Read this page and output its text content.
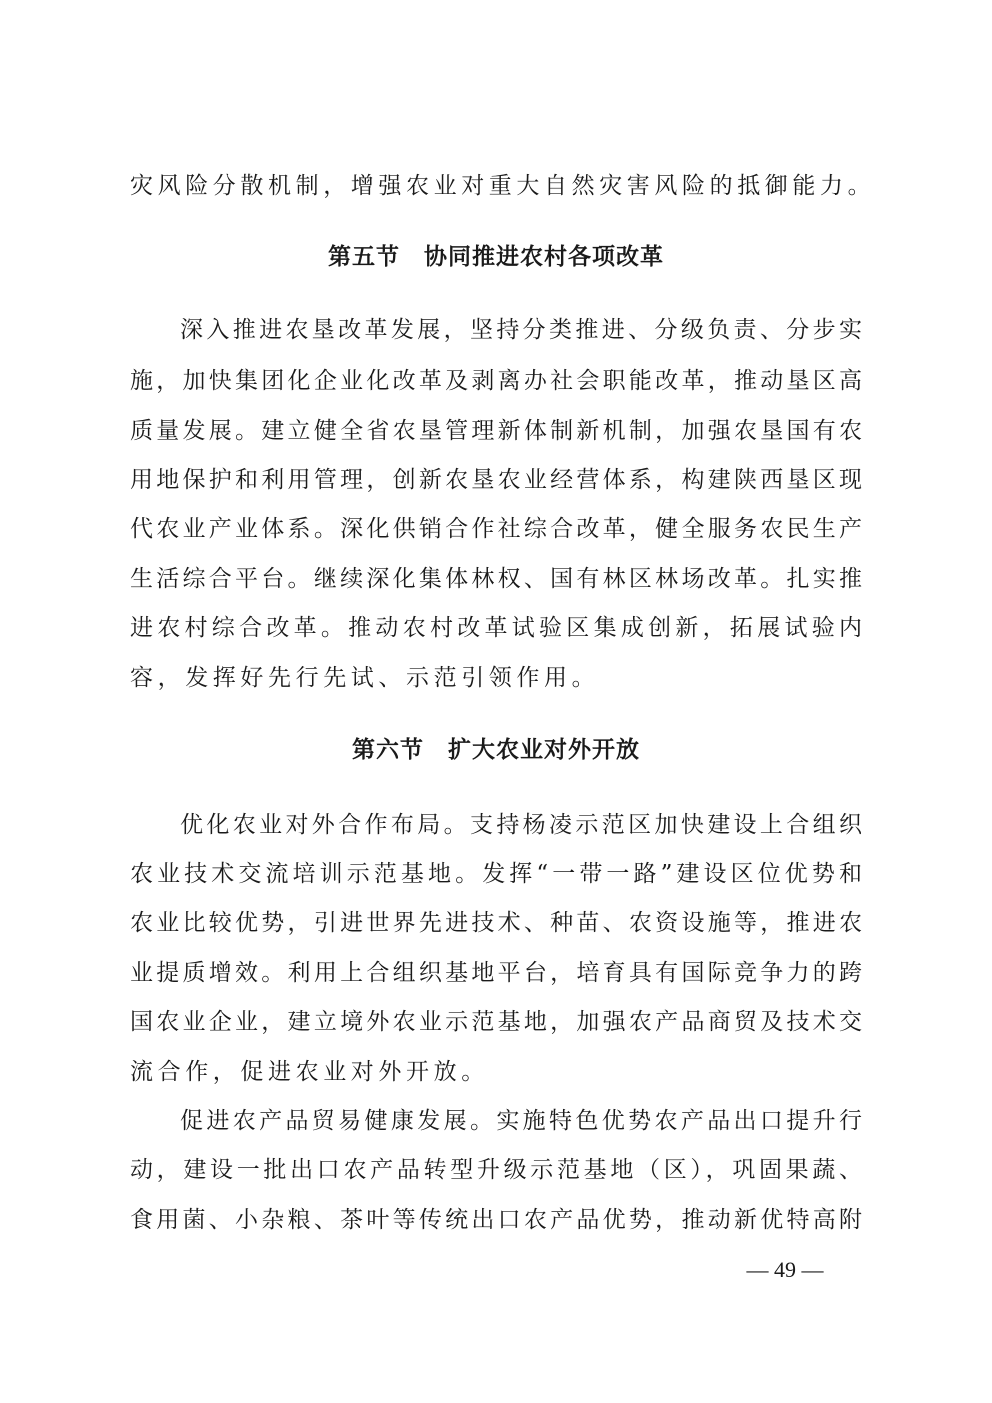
灾风险分散机制，增强农业对重大自然灾害风险的抵御能力。
第五节　协同推进农村各项改革
深入推进农垦改革发展，坚持分类推进、分级负责、分步实
施，加快集团化企业化改革及剥离办社会职能改革，推动垦区高
质量发展。建立健全省农垦管理新体制新机制，加强农垦国有农
用地保护和利用管理，创新农垦农业经营体系，构建陕西垦区现
代农业产业体系。深化供销合作社综合改革，健全服务农民生产
生活综合平台。继续深化集体林权、国有林区林场改革。扎实推
进农村综合改革。推动农村改革试验区集成创新，拓展试验内
容，发挥好先行先试、示范引领作用。
第六节　扩大农业对外开放
优化农业对外合作布局。支持杨凌示范区加快建设上合组织
农业技术交流培训示范基地。发挥“一带一路”建设区位优势和
农业比较优势，引进世界先进技术、种苗、农资设施等，推进农
业提质增效。利用上合组织基地平台，培育具有国际竞争力的跨
国农业企业，建立境外农业示范基地，加强农产品商贸及技术交
流合作，促进农业对外开放。
促进农产品贸易健康发展。实施特色优势农产品出口提升行
动，建设一批出口农产品转型升级示范基地（区），巩固果蔬、
食用菌、小杂粮、茶叶等传统出口农产品优势，推动新优特高附
— 49 —
